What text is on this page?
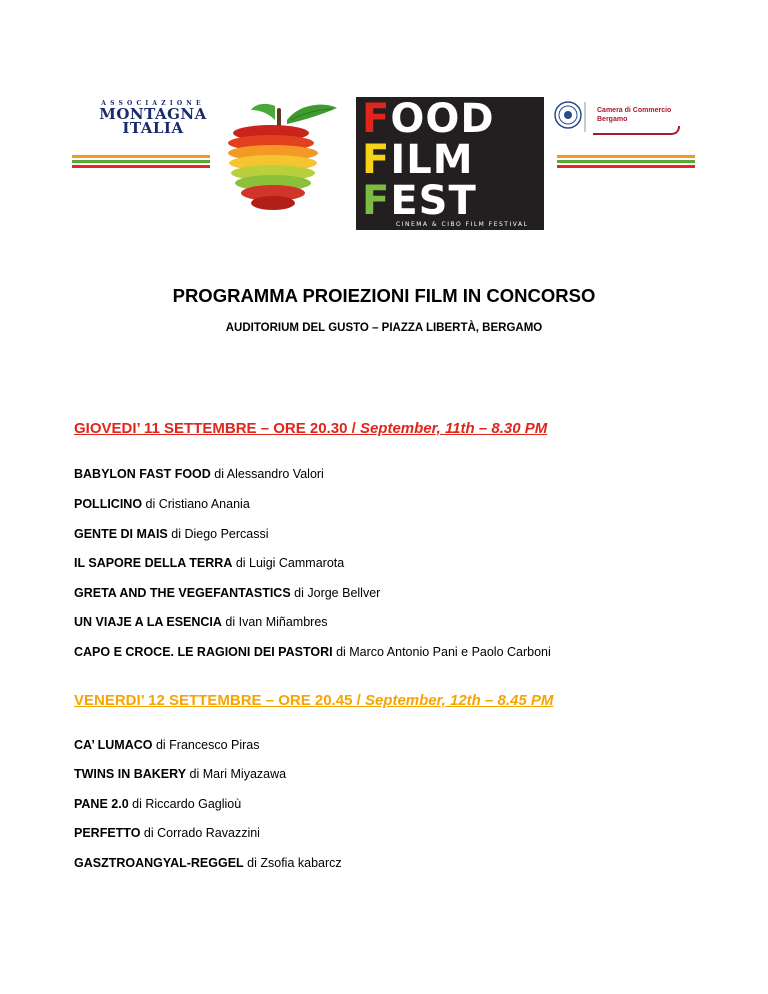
ASSOCIAZIONE
MONTAGNA
ITALIA	FOOD
FILM
FEST
CINEMA & CIBO FILM FESTIVAL
Camera di Commercio
Bergamo
PROGRAMMA PROIEZIONI FILM IN CONCORSO
AUDITORIUM DEL GUSTO – PIAZZA LIBERTÀ, BERGAMO
GIOVEDI’ 11 SETTEMBRE – ORE 20.30 / September, 11th – 8.30 PM
BABYLON FAST FOOD di Alessandro Valori
POLLICINO di Cristiano Anania
GENTE DI MAIS di Diego Percassi
IL SAPORE DELLA TERRA di Luigi Cammarota
GRETA AND THE VEGEFANTASTICS di Jorge Bellver
UN VIAJE A LA ESENCIA di Ivan Miñambres
CAPO E CROCE. LE RAGIONI DEI PASTORI di Marco Antonio Pani e Paolo Carboni
VENERDI’ 12 SETTEMBRE – ORE 20.45 / September, 12th – 8.45 PM
CA’ LUMACO di Francesco Piras
TWINS IN BAKERY di Mari Miyazawa
PANE 2.0 di Riccardo Gaglioù
PERFETTO di Corrado Ravazzini
GASZTROANGYAL-REGGEL di Zsofia kabarcz
